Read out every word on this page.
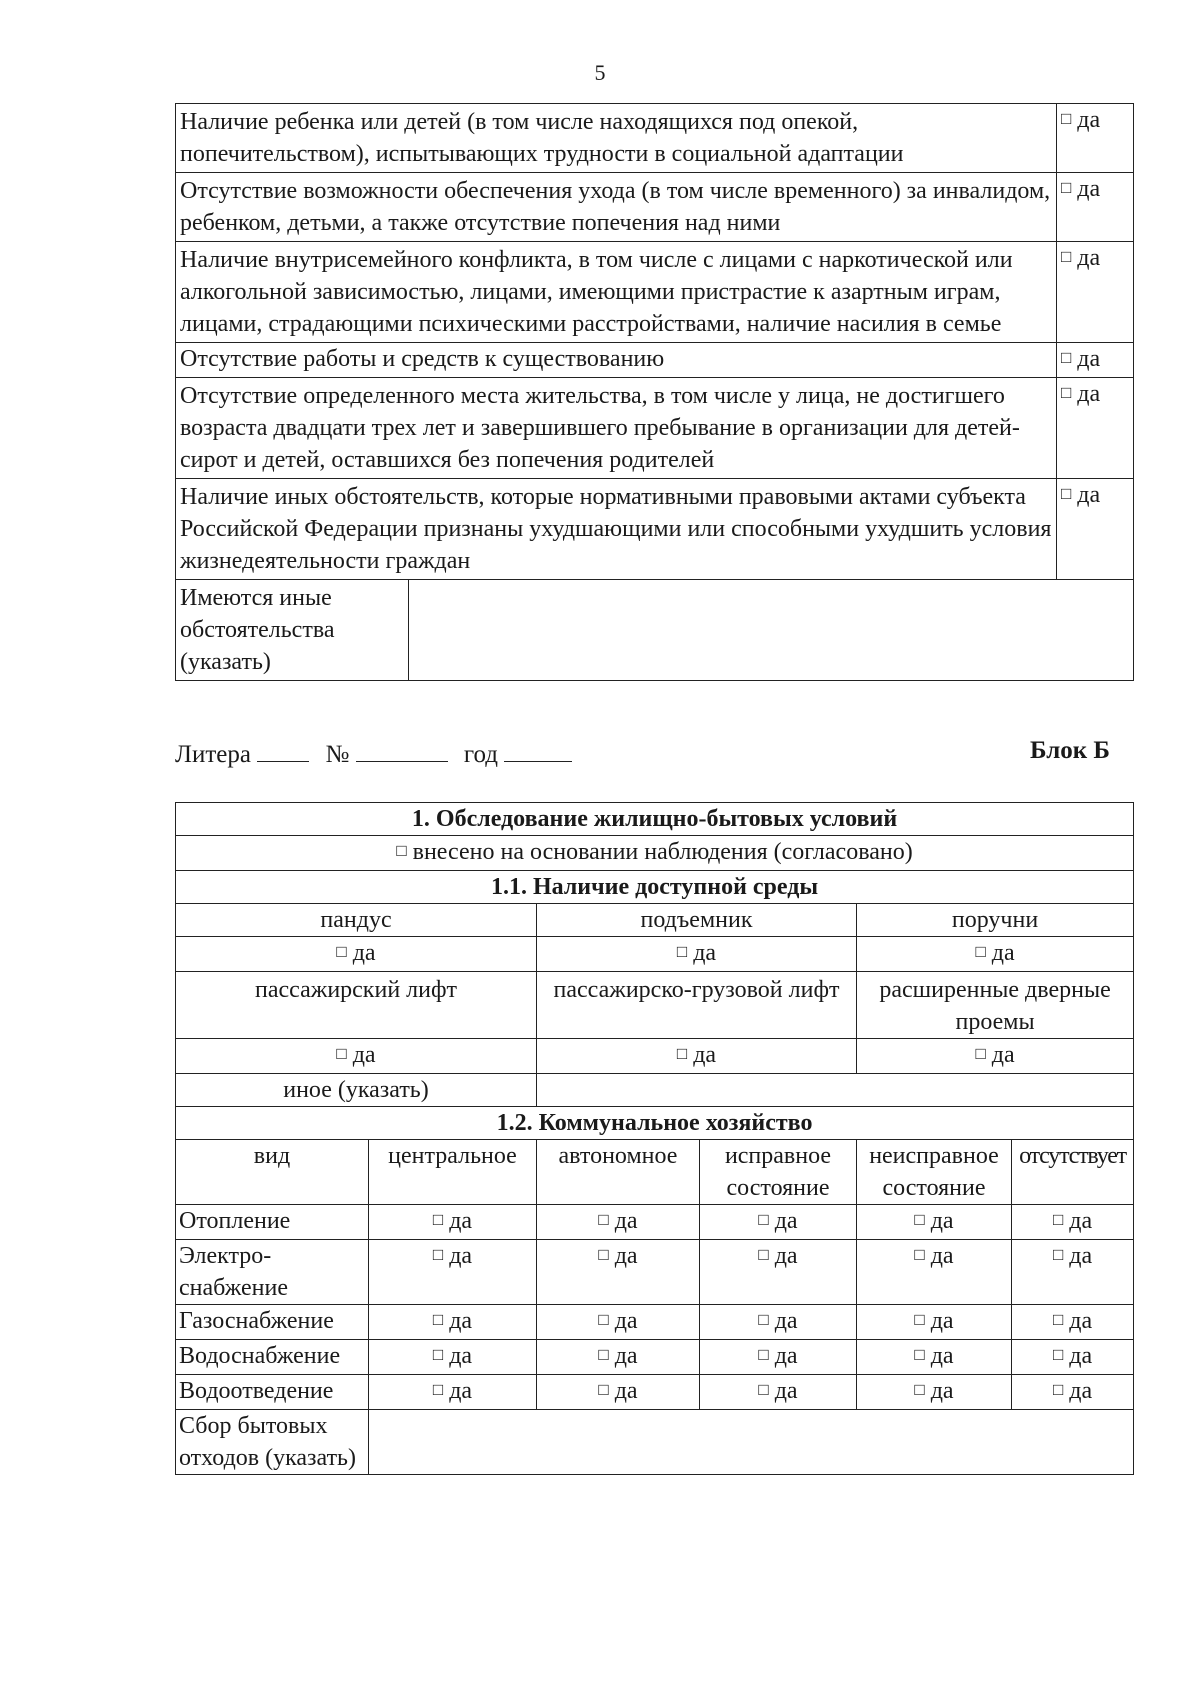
5
Наличие ребенка или детей (в том числе находящихся под опекой, попечительством), испытывающих трудности в социальной адаптации		□ да
Отсутствие возможности обеспечения ухода (в том числе временного) за инвалидом, ребенком, детьми, а также отсутствие попечения над ними		□ да
Наличие внутрисемейного конфликта, в том числе с лицами с наркотической или алкогольной зависимостью, лицами, имеющими пристрастие к азартным играм, лицами, страдающими психическими расстройствами, наличие насилия в семье		□ да
Отсутствие работы и средств к существованию		□ да
Отсутствие определенного места жительства, в том числе у лица, не достигшего возраста двадцати трех лет и завершившего пребывание в организации для детей-сирот и детей, оставшихся без попечения родителей		□ да
Наличие иных обстоятельств, которые нормативными правовыми актами субъекта Российской Федерации признаны ухудшающими или способными ухудшить условия жизнедеятельности граждан		□ да
Имеются иные обстоятельства (указать)		
Литера	№	год	Блок Б
1. Обследование жилищно-бытовых условий					
□ внесено на основании наблюдения (согласовано)
1.1. Наличие доступной среды					
пандус		подъемник		поручни	
□ да		□ да		□ да
пассажирский лифт		пассажирско-грузовой лифт		расширенные дверные проемы	
□ да		□ да		□ да
иное (указать)					
1.2. Коммунальное хозяйство					
вид	центральное	автономное	исправное состояние	неисправное состояние	отсутствует
Отопление	□ да	□ да	□ да	□ да	□ да
Электро-снабжение	□ да	□ да	□ да	□ да	□ да
Газоснабжение	□ да	□ да	□ да	□ да	□ да
Водоснабжение	□ да	□ да	□ да	□ да	□ да
Водоотведение	□ да	□ да	□ да	□ да	□ да
Сбор бытовых отходов (указать)					
